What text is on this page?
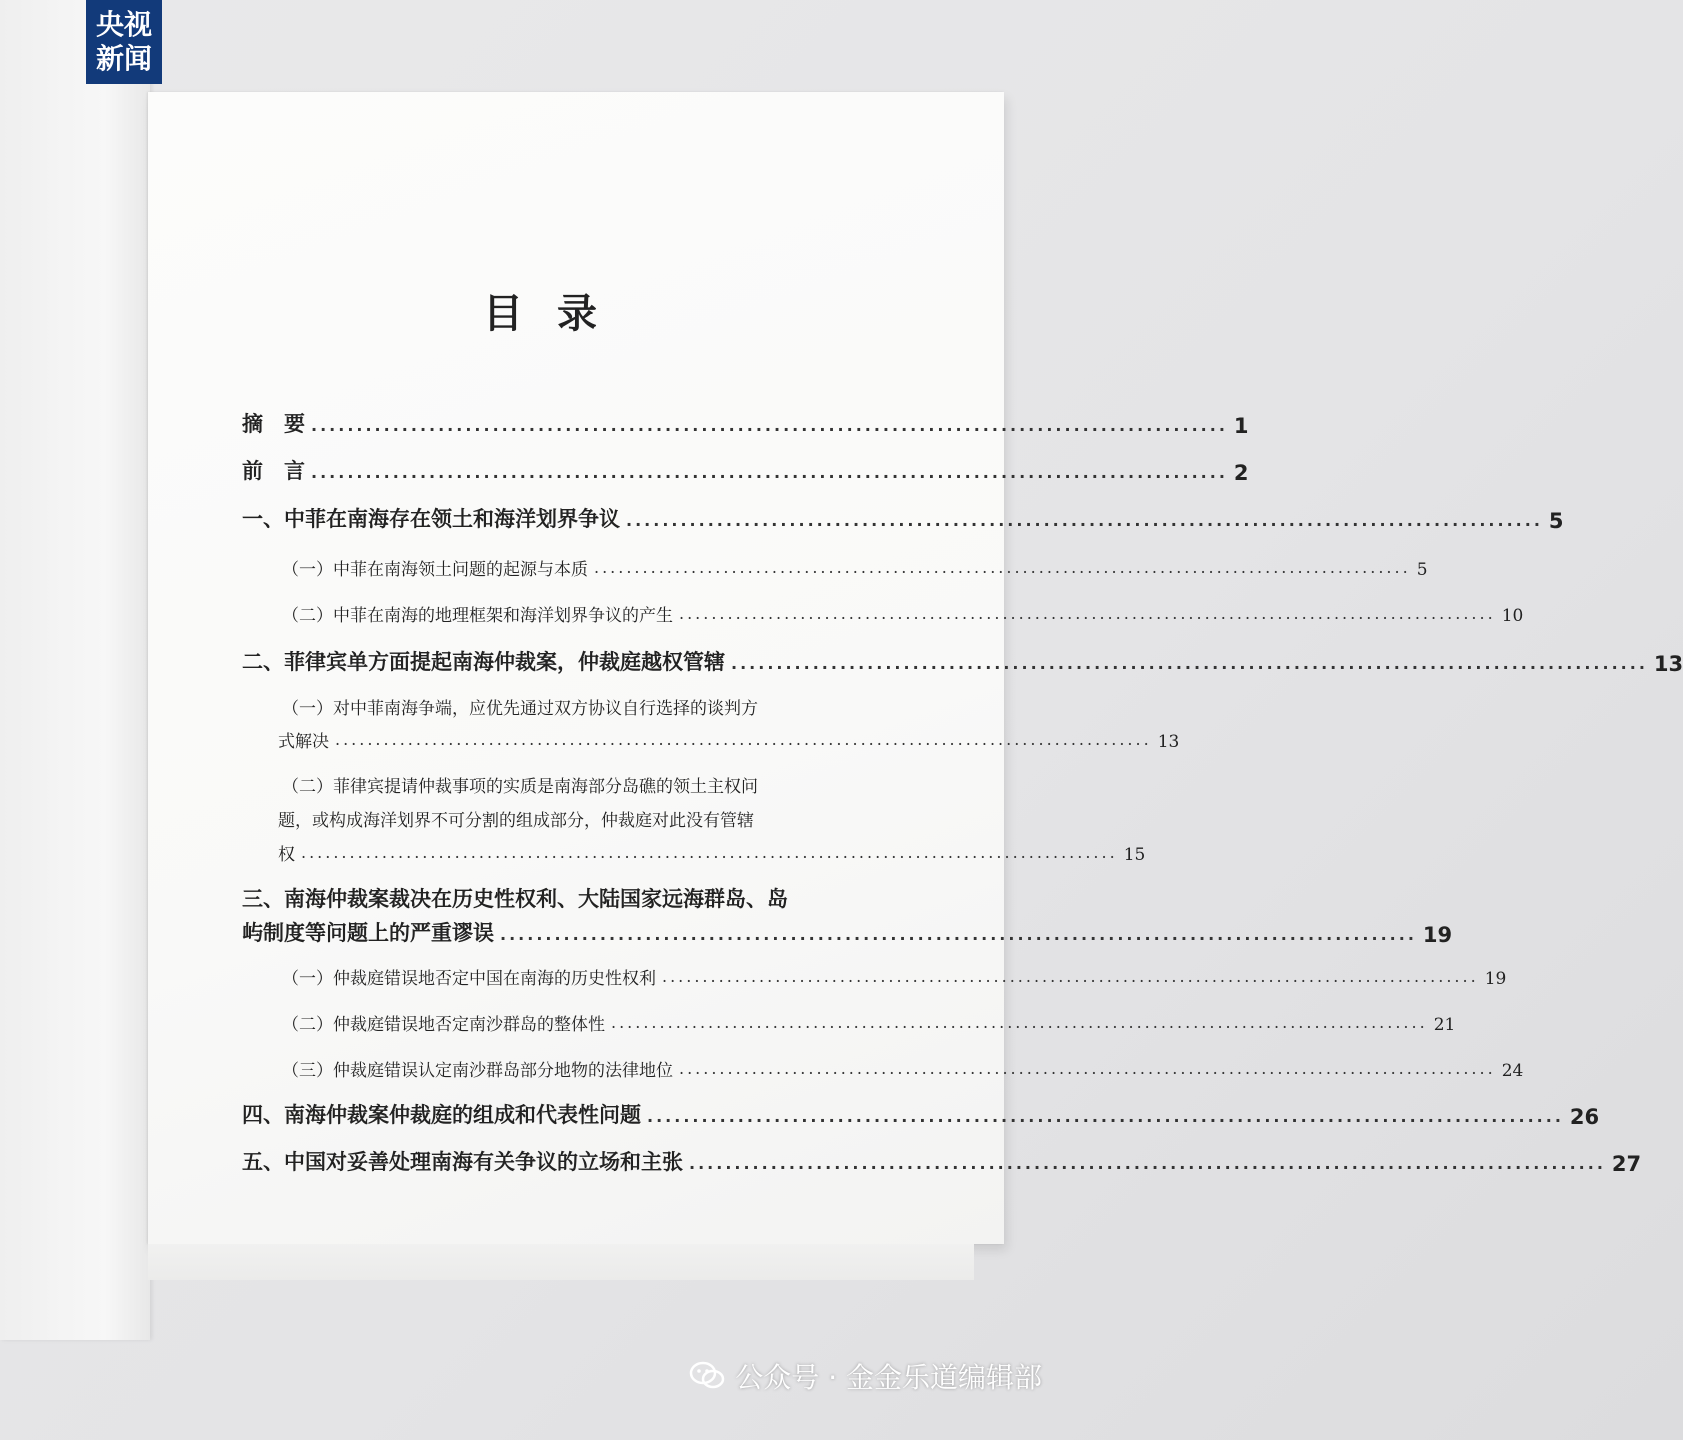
央视
新闻
目录
摘　要 ..................................................................................................... 1
前　言 ..................................................................................................... 2
一、中菲在南海存在领土和海洋划界争议 ..................................................................................................... 5
（一）中菲在南海领土问题的起源与本质 ..................................................................................................... 5
（二）中菲在南海的地理框架和海洋划界争议的产生 ..................................................................................................... 10
二、菲律宾单方面提起南海仲裁案，仲裁庭越权管辖 ..................................................................................................... 13
（一）对中菲南海争端，应优先通过双方协议自行选择的谈判方
式解决 ..................................................................................................... 13
（二）菲律宾提请仲裁事项的实质是南海部分岛礁的领土主权问
题，或构成海洋划界不可分割的组成部分，仲裁庭对此没有管辖
权 ..................................................................................................... 15
三、南海仲裁案裁决在历史性权利、大陆国家远海群岛、岛
屿制度等问题上的严重谬误 ..................................................................................................... 19
（一）仲裁庭错误地否定中国在南海的历史性权利 ..................................................................................................... 19
（二）仲裁庭错误地否定南沙群岛的整体性 ..................................................................................................... 21
（三）仲裁庭错误认定南沙群岛部分地物的法律地位 ..................................................................................................... 24
四、南海仲裁案仲裁庭的组成和代表性问题 ..................................................................................................... 26
五、中国对妥善处理南海有关争议的立场和主张 ..................................................................................................... 27
公众号 · 金金乐道编辑部
